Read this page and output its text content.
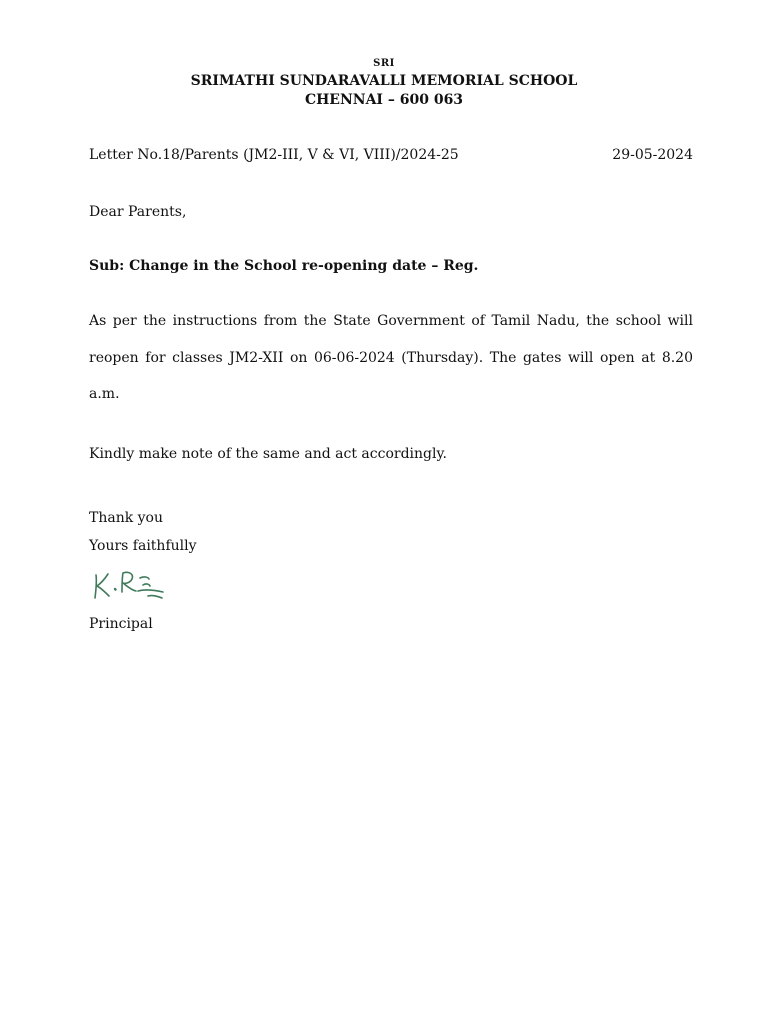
SRI
SRIMATHI SUNDARAVALLI MEMORIAL SCHOOL
CHENNAI – 600 063
Letter No.18/Parents (JM2-III, V & VI, VIII)/2024-25	29-05-2024
Dear Parents,
Sub: Change in the School re-opening date – Reg.
As per the instructions from the State Government of Tamil Nadu, the school will reopen for classes JM2-XII on 06-06-2024 (Thursday). The gates will open at 8.20 a.m.
Kindly make note of the same and act accordingly.
Thank you
Yours faithfully
Principal
